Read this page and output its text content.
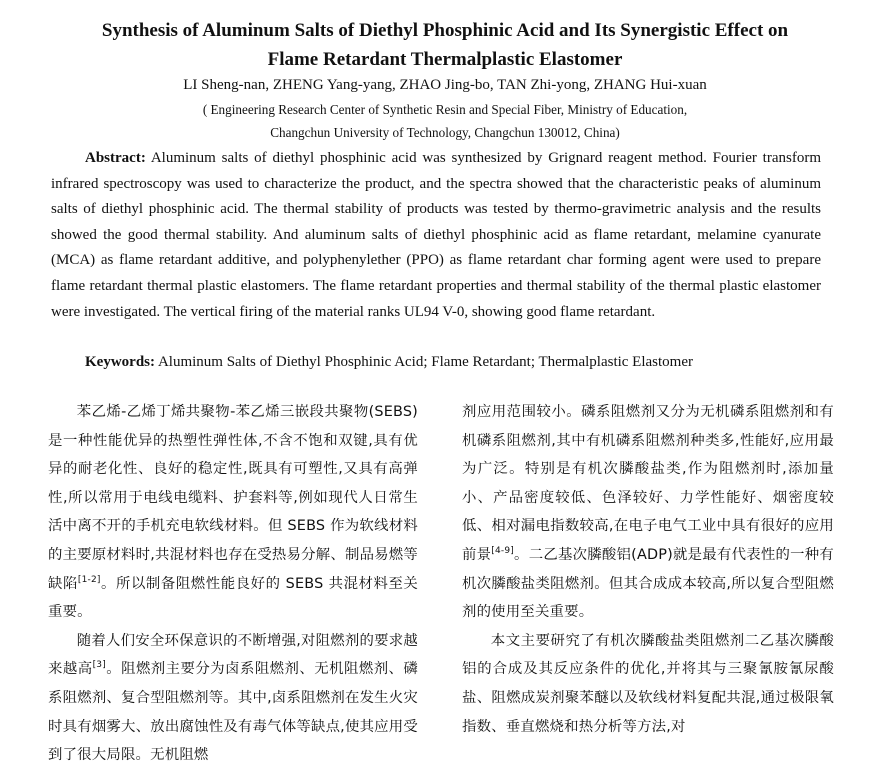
Synthesis of Aluminum Salts of Diethyl Phosphinic Acid and Its Synergistic Effect on
Flame Retardant Thermalplastic Elastomer
LI Sheng-nan, ZHENG Yang-yang, ZHAO Jing-bo, TAN Zhi-yong, ZHANG Hui-xuan
( Engineering Research Center of Synthetic Resin and Special Fiber, Ministry of Education,
Changchun University of Technology, Changchun 130012, China)
Abstract: Aluminum salts of diethyl phosphinic acid was synthesized by Grignard reagent method. Fourier transform infrared spectroscopy was used to characterize the product, and the spectra showed that the characteristic peaks of aluminum salts of diethyl phosphinic acid. The thermal stability of products was tested by thermo-gravimetric analysis and the results showed the good thermal stability. And aluminum salts of diethyl phosphinic acid as flame retardant, melamine cyanurate (MCA) as flame retardant additive, and polyphenylether (PPO) as flame retardant char forming agent were used to prepare flame retardant thermal plastic elastomers. The flame retardant properties and thermal stability of the thermal plastic elastomer were investigated. The vertical firing of the material ranks UL94 V-0, showing good flame retardant.
Keywords: Aluminum Salts of Diethyl Phosphinic Acid; Flame Retardant; Thermalplastic Elastomer

苯乙烯-乙烯丁烯共聚物-苯乙烯三嵌段共聚物(SEBS)是一种性能优异的热塑性弹性体,不含不饱和双键,具有优异的耐老化性、良好的稳定性,既具有可塑性,又具有高弹性,所以常用于电线电缆料、护套料等,例如现代人日常生活中离不开的手机充电软线材料。但 SEBS 作为软线材料的主要原材料时,共混材料也存在受热易分解、制品易燃等缺陷[1-2]。所以制备阻燃性能良好的 SEBS 共混材料至关重要。

随着人们安全环保意识的不断增强,对阻燃剂的要求越来越高[3]。阻燃剂主要分为卤系阻燃剂、无机阻燃剂、磷系阻燃剂、复合型阻燃剂等。其中,卤系阻燃剂在发生火灾时具有烟雾大、放出腐蚀性及有毒气体等缺点,使其应用受到了很大局限。无机阻燃

剂应用范围较小。磷系阻燃剂又分为无机磷系阻燃剂和有机磷系阻燃剂,其中有机磷系阻燃剂种类多,性能好,应用最为广泛。特别是有机次膦酸盐类,作为阻燃剂时,添加量小、产品密度较低、色泽较好、力学性能好、烟密度较低、相对漏电指数较高,在电子电气工业中具有很好的应用前景[4-9]。二乙基次膦酸铝(ADP)就是最有代表性的一种有机次膦酸盐类阻燃剂。但其合成成本较高,所以复合型阻燃剂的使用至关重要。

本文主要研究了有机次膦酸盐类阻燃剂二乙基次膦酸铝的合成及其反应条件的优化,并将其与三聚氰胺氰尿酸盐、阻燃成炭剂聚苯醚以及软线材料复配共混,通过极限氧指数、垂直燃烧和热分析等方法,对
